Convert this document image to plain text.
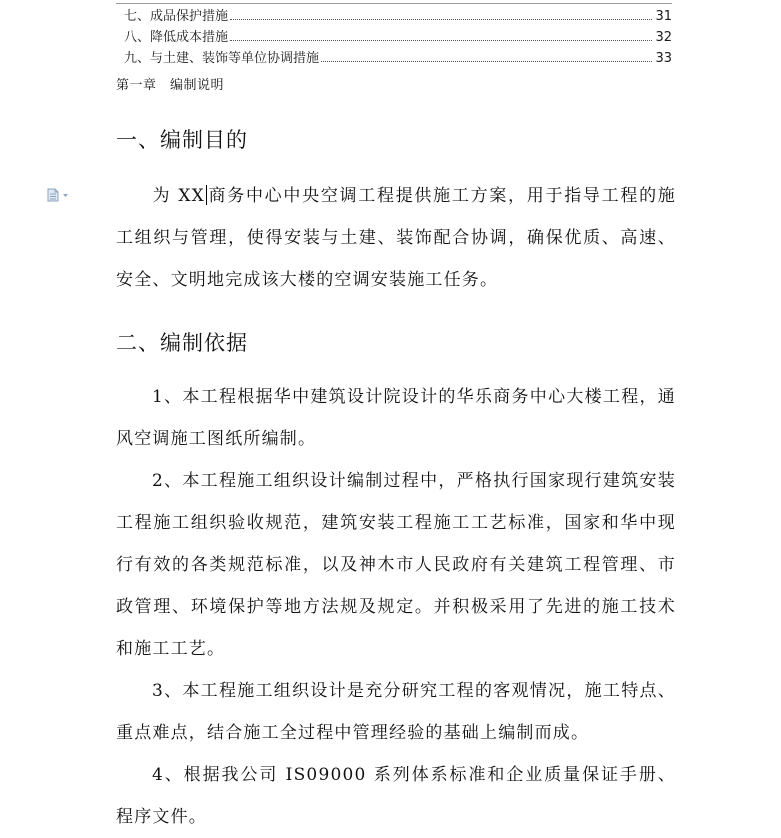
七、成品保护措施	31
八、降低成本措施	32
九、与土建、装饰等单位协调措施	33
第一章　编制说明
一、编制目的

为 XX 商务中心中央空调工程提供施工方案，用于指导工程的施工组织与管理，使得安装与土建、装饰配合协调，确保优质、高速、安全、文明地完成该大楼的空调安装施工任务。

二、编制依据

1、本工程根据华中建筑设计院设计的华乐商务中心大楼工程，通风空调施工图纸所编制。

2、本工程施工组织设计编制过程中，严格执行国家现行建筑安装工程施工组织验收规范，建筑安装工程施工工艺标准，国家和华中现行有效的各类规范标准，以及神木市人民政府有关建筑工程管理、市政管理、环境保护等地方法规及规定。并积极采用了先进的施工技术和施工工艺。

3、本工程施工组织设计是充分研究工程的客观情况，施工特点、重点难点，结合施工全过程中管理经验的基础上编制而成。

4、根据我公司 IS09000 系列体系标准和企业质量保证手册、程序文件。
